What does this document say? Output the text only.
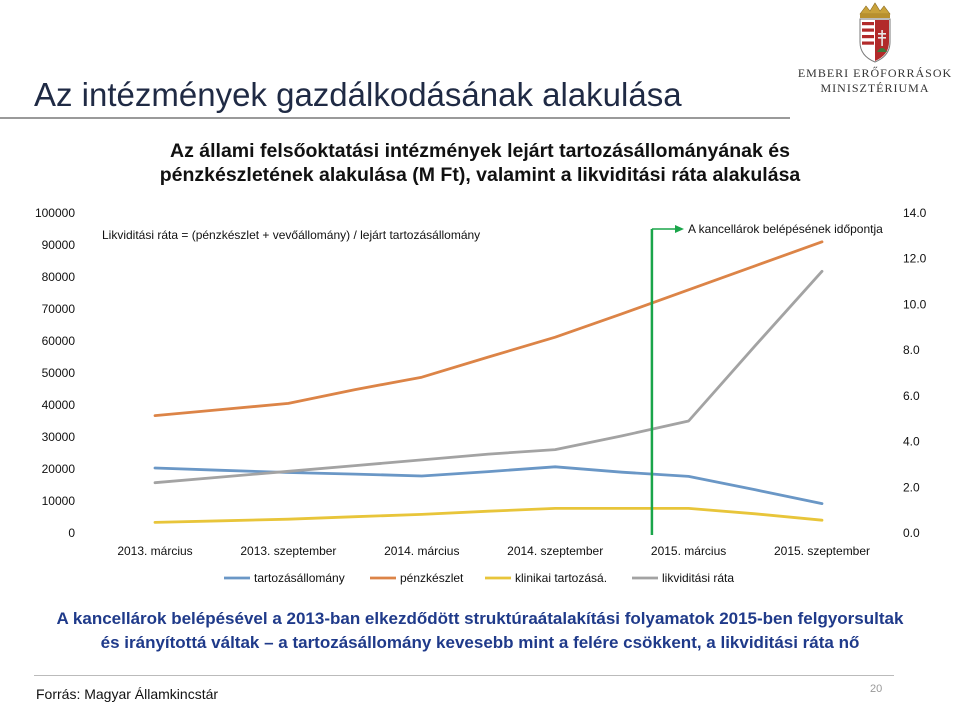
EMBERI ERŐFORRÁSOK
MINISZTÉRIUMA
Az intézmények gazdálkodásának alakulása
Az állami felsőoktatási intézmények lejárt tartozásállományának és
pénzkészletének alakulása (M Ft), valamint a likviditási ráta alakulása
0
10000
20000
30000
40000
50000
60000
70000
80000
90000
100000
0.0
2.0
4.0
6.0
8.0
10.0
12.0
14.0
2013. március	2013. szeptember	2014. március	2014. szeptember	2015. március	2015. szeptember
A kancellárok belépésének időpontja
Likviditási ráta = (pénzkészlet + vevőállomány) / lejárt tartozásállomány
tartozásállomány	pénzkészlet	klinikai tartozásá.	likviditási ráta
A kancellárok belépésével a 2013-ban elkezdődött struktúraátalakítási folyamatok 2015-ben felgyorsultak
és irányítottá váltak – a tartozásállomány kevesebb mint a felére csökkent, a likviditási ráta nő
Forrás: Magyar Államkincstár	20
